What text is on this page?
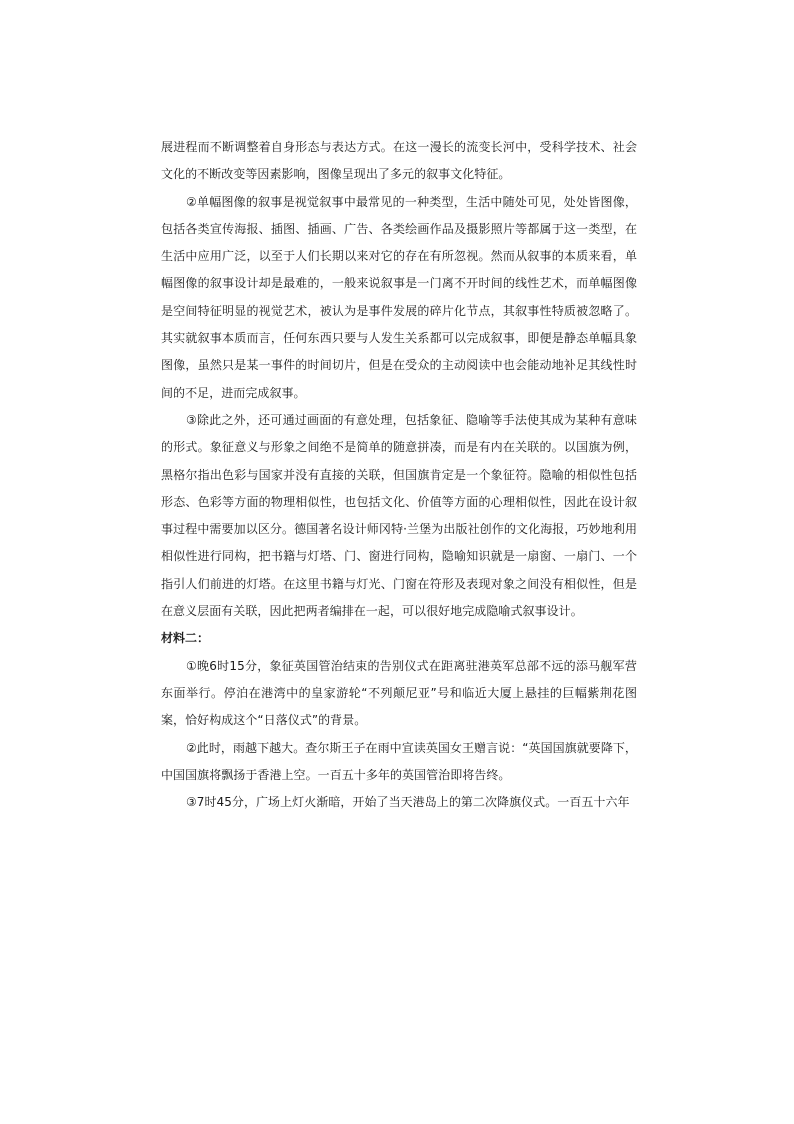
展进程而不断调整着自身形态与表达方式。在这一漫长的流变长河中，受科学技术、社会文化的不断改变等因素影响，图像呈现出了多元的叙事文化特征。

②单幅图像的叙事是视觉叙事中最常见的一种类型，生活中随处可见，处处皆图像，包括各类宣传海报、插图、插画、广告、各类绘画作品及摄影照片等都属于这一类型，在生活中应用广泛，以至于人们长期以来对它的存在有所忽视。然而从叙事的本质来看，单幅图像的叙事设计却是最难的，一般来说叙事是一门离不开时间的线性艺术，而单幅图像是空间特征明显的视觉艺术，被认为是事件发展的碎片化节点，其叙事性特质被忽略了。其实就叙事本质而言，任何东西只要与人发生关系都可以完成叙事，即便是静态单幅具象图像，虽然只是某一事件的时间切片，但是在受众的主动阅读中也会能动地补足其线性时间的不足，进而完成叙事。

③除此之外，还可通过画面的有意处理，包括象征、隐喻等手法使其成为某种有意味的形式。象征意义与形象之间绝不是简单的随意拼凑，而是有内在关联的。以国旗为例，黑格尔指出色彩与国家并没有直接的关联，但国旗肯定是一个象征符。隐喻的相似性包括形态、色彩等方面的物理相似性，也包括文化、价值等方面的心理相似性，因此在设计叙事过程中需要加以区分。德国著名设计师冈特·兰堡为出版社创作的文化海报，巧妙地利用相似性进行同构，把书籍与灯塔、门、窗进行同构，隐喻知识就是一扇窗、一扇门、一个指引人们前进的灯塔。在这里书籍与灯光、门窗在符形及表现对象之间没有相似性，但是在意义层面有关联，因此把两者编排在一起，可以很好地完成隐喻式叙事设计。

材料二：

①晚6时15分，象征英国管治结束的告别仪式在距离驻港英军总部不远的添马舰军营东面举行。停泊在港湾中的皇家游轮“不列颠尼亚”号和临近大厦上悬挂的巨幅紫荆花图案，恰好构成这个“日落仪式”的背景。

②此时，雨越下越大。查尔斯王子在雨中宣读英国女王赠言说：“英国国旗就要降下，中国国旗将飘扬于香港上空。一百五十多年的英国管治即将告终。

③7时45分，广场上灯火渐暗，开始了当天港岛上的第二次降旗仪式。一百五十六年
